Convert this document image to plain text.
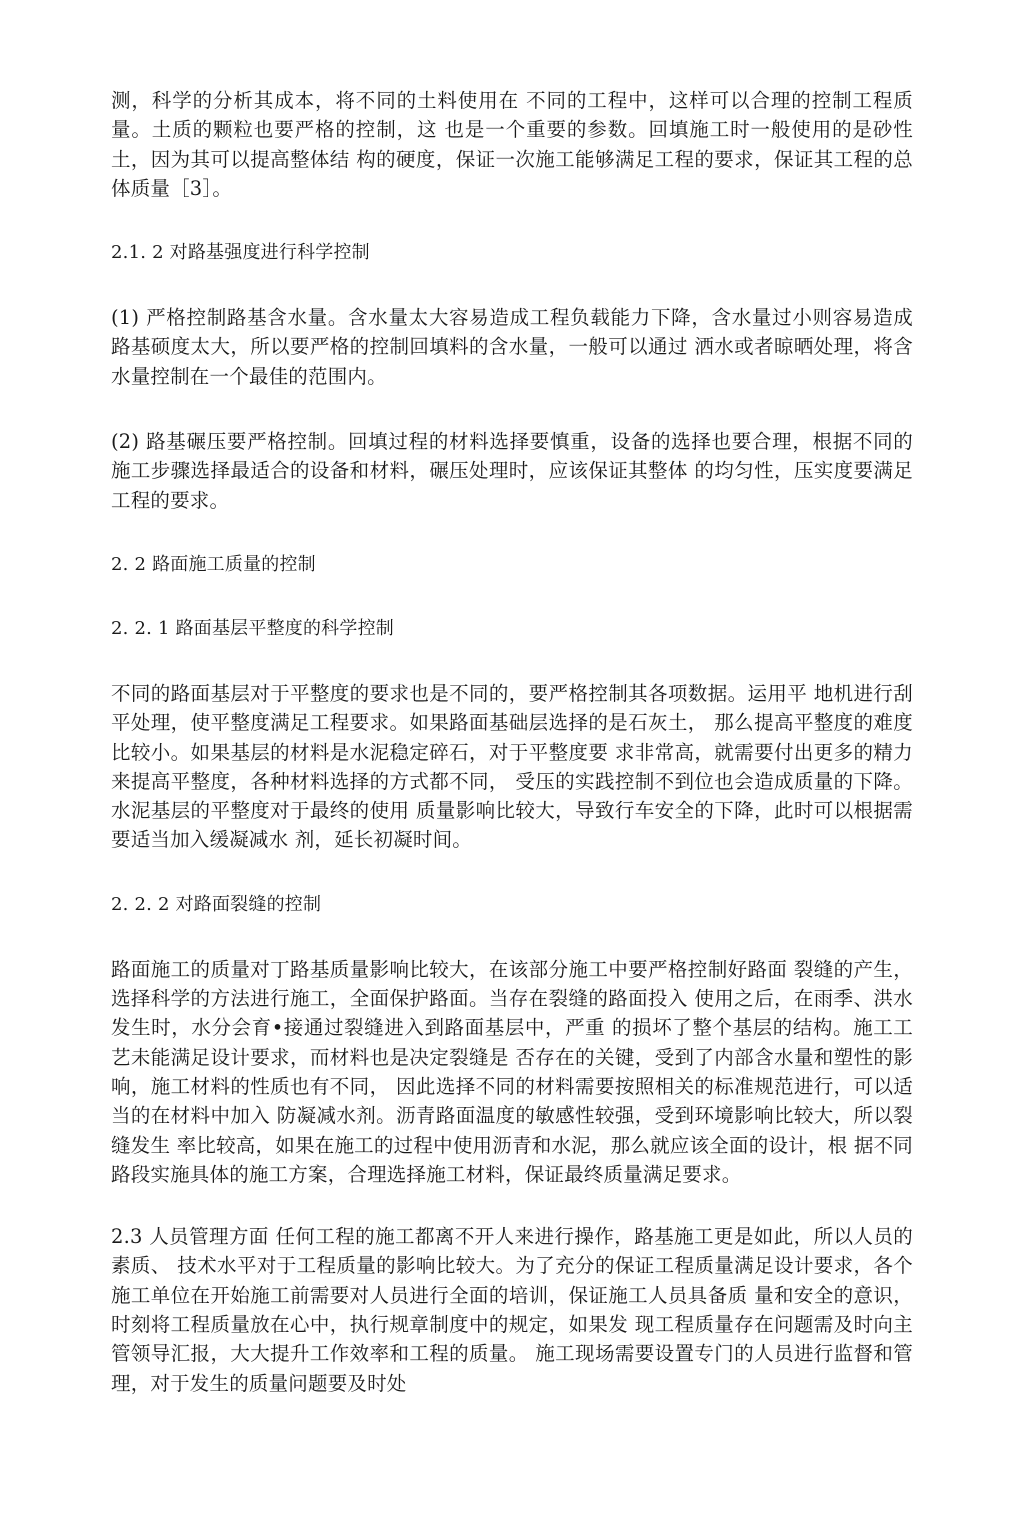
测，科学的分析其成本，将不同的土料使用在 不同的工程中，这样可以合理的控制工程质量。土质的颗粒也要严格的控制，这 也是一个重要的参数。回填施工时一般使用的是砂性土，因为其可以提高整体结 构的硬度，保证一次施工能够满足工程的要求，保证其工程的总体质量［3］。

2.1. 2 对路基强度进行科学控制

(1) 严格控制路基含水量。含水量太大容易造成工程负载能力下降，含水量过小则容易造成路基硕度太大，所以要严格的控制回填料的含水量，一般可以通过 洒水或者晾晒处理，将含水量控制在一个最佳的范围内。

(2) 路基碾压要严格控制。回填过程的材料选择要慎重，设备的选择也要合理，根据不同的施工步骤选择最适合的设备和材料，碾压处理时，应该保证其整体 的均匀性，压实度要满足工程的要求。

2. 2 路面施工质量的控制

2. 2. 1 路面基层平整度的科学控制

不同的路面基层对于平整度的要求也是不同的，要严格控制其各项数据。运用平 地机进行刮平处理，使平整度满足工程要求。如果路面基础层选择的是石灰土， 那么提高平整度的难度比较小。如果基层的材料是水泥稳定碎石，对于平整度要 求非常高，就需要付出更多的精力来提高平整度，各种材料选择的方式都不同， 受压的实践控制不到位也会造成质量的下降。水泥基层的平整度对于最终的使用 质量影响比较大，导致行车安全的下降，此时可以根据需要适当加入缓凝减水 剂，延长初凝时间。

2. 2. 2 对路面裂缝的控制

路面施工的质量对丁路基质量影响比较大，在该部分施工中要严格控制好路面 裂缝的产生，选择科学的方法进行施工，全面保护路面。当存在裂缝的路面投入 使用之后，在雨季、洪水发生时，水分会育•接通过裂缝进入到路面基层中，严重 的损坏了整个基层的结构。施工工艺未能满足设计要求，而材料也是决定裂缝是 否存在的关键，受到了内部含水量和塑性的影响，施工材料的性质也有不同， 因此选择不同的材料需要按照相关的标准规范进行，可以适当的在材料中加入 防凝减水剂。沥青路面温度的敏感性较强，受到环境影响比较大，所以裂缝发生 率比较高，如果在施工的过程中使用沥青和水泥，那么就应该全面的设计，根 据不同路段实施具体的施工方案，合理选择施工材料，保证最终质量满足要求。

2.3 人员管理方面 任何工程的施工都离不开人来进行操作，路基施工更是如此，所以人员的素质、 技术水平对于工程质量的影响比较大。为了充分的保证工程质量满足设计要求，各个施工单位在开始施工前需要对人员进行全面的培训，保证施工人员具备质 量和安全的意识，时刻将工程质量放在心中，执行规章制度中的规定，如果发 现工程质量存在问题需及时向主管领导汇报，大大提升工作效率和工程的质量。 施工现场需要设置专门的人员进行监督和管理，对于发生的质量问题要及时处
